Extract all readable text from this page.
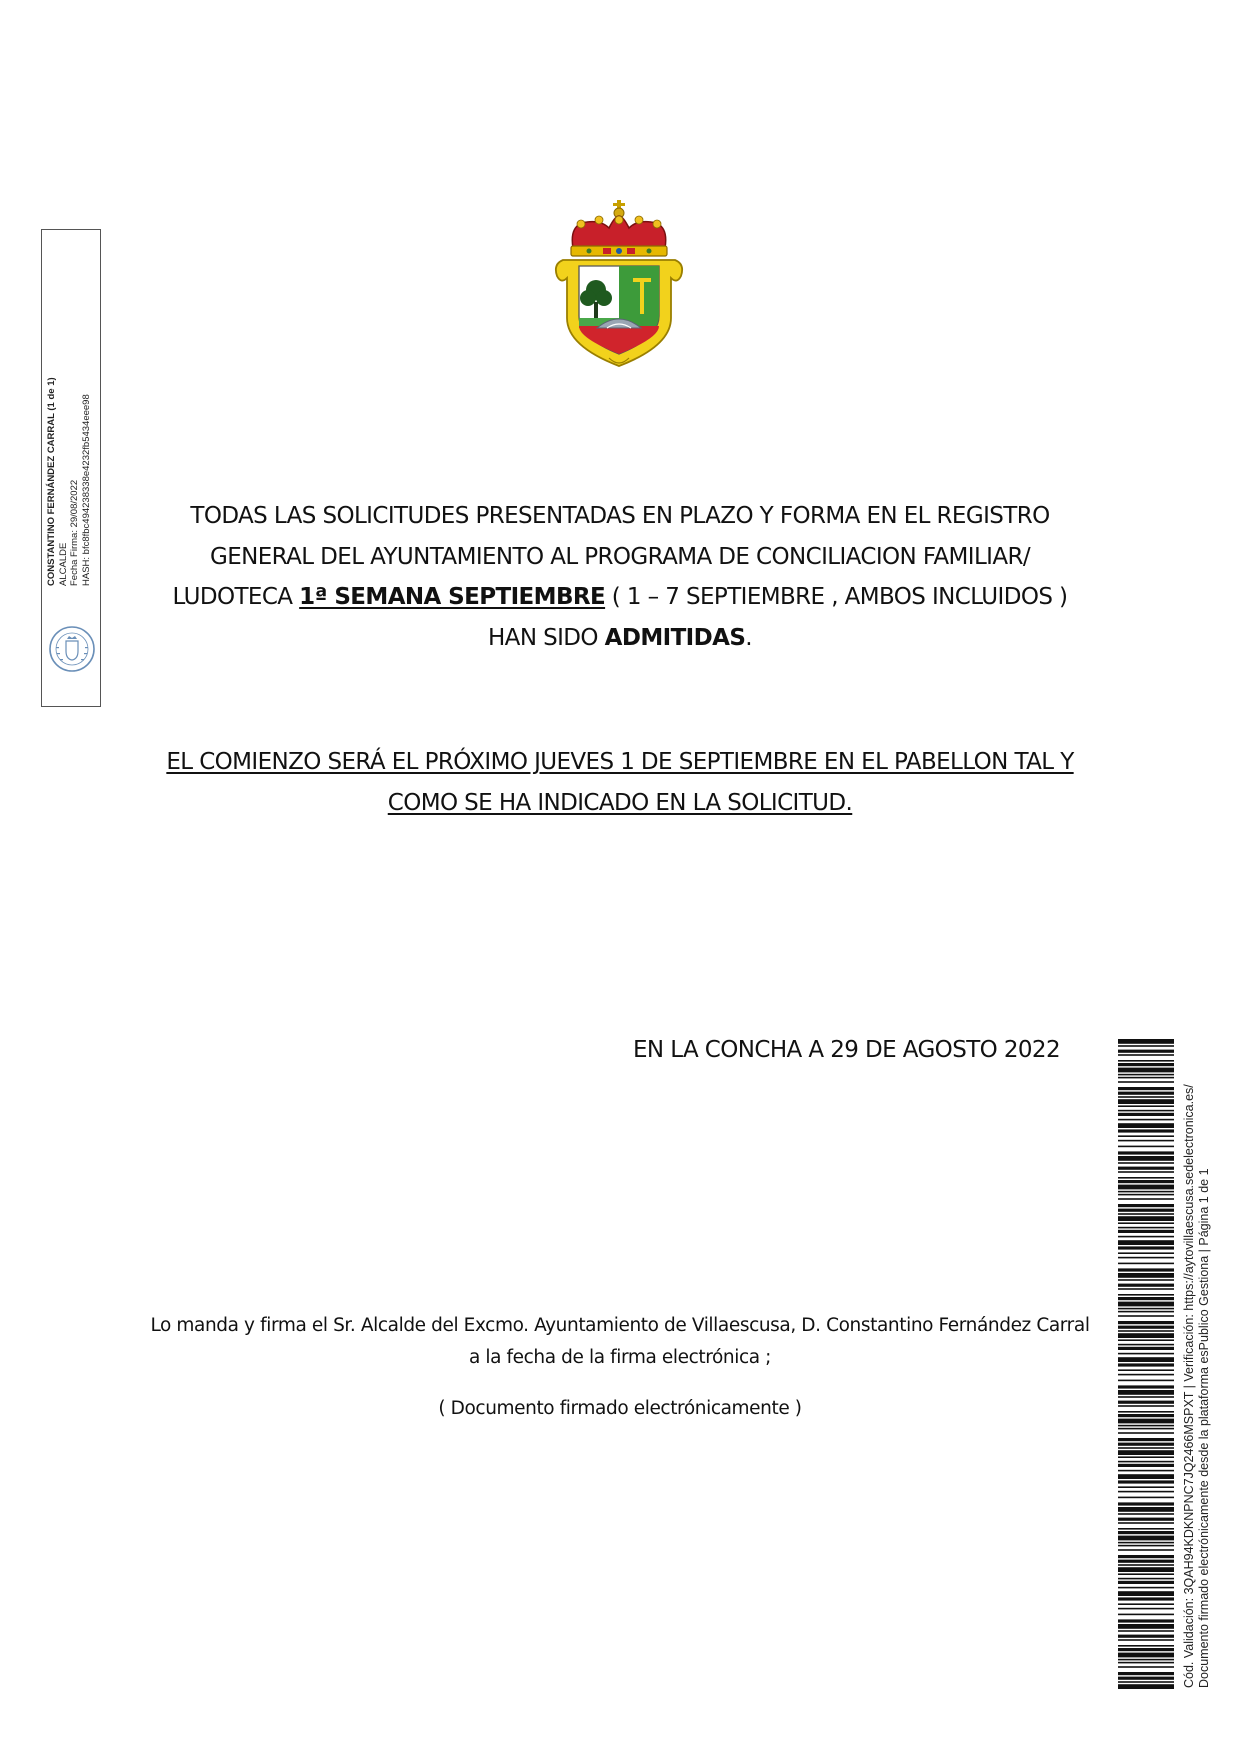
CONSTANTINO FERNÁNDEZ CARRAL (1 de 1) ALCALDE Fecha Firma: 29/08/2022 HASH: bfc8fbc494238338e4232fb5434eee98	TODAS LAS SOLICITUDES PRESENTADAS EN PLAZO Y FORMA EN EL REGISTRO GENERAL DEL AYUNTAMIENTO AL PROGRAMA DE CONCILIACION FAMILIAR/ LUDOTECA 1ª SEMANA SEPTIEMBRE ( 1 – 7 SEPTIEMBRE , AMBOS INCLUIDOS ) HAN SIDO ADMITIDAS.
EL COMIENZO SERÁ EL PRÓXIMO JUEVES 1 DE SEPTIEMBRE EN EL PABELLON TAL Y COMO SE HA INDICADO EN LA SOLICITUD.
EN LA CONCHA A 29 DE AGOSTO 2022
Lo manda y firma el Sr. Alcalde del Excmo. Ayuntamiento de Villaescusa, D. Constantino Fernández Carral a la fecha de la firma electrónica ;
( Documento firmado electrónicamente )	Cód. Validación: 3QAH94KDKNPNC7JQ2466MSPXT | Verificación: https://aytovillaescusa.sedelectronica.es/ Documento firmado electrónicamente desde la plataforma esPublico Gestiona | Página 1 de 1
